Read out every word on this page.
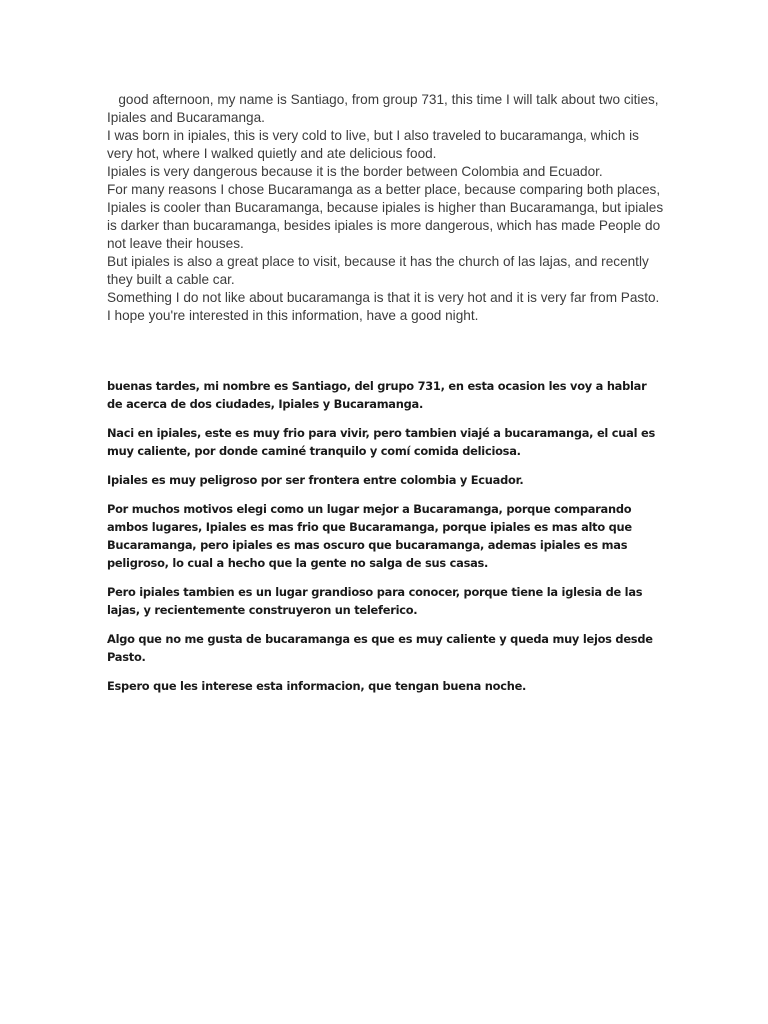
good afternoon, my name is Santiago, from group 731, this time I will talk about two cities, Ipiales and Bucaramanga.

I was born in ipiales, this is very cold to live, but I also traveled to bucaramanga, which is very hot, where I walked quietly and ate delicious food.

Ipiales is very dangerous because it is the border between Colombia and Ecuador.

For many reasons I chose Bucaramanga as a better place, because comparing both places, Ipiales is cooler than Bucaramanga, because ipiales is higher than Bucaramanga, but ipiales is darker than bucaramanga, besides ipiales is more dangerous, which has made People do not leave their houses.

But ipiales is also a great place to visit, because it has the church of las lajas, and recently they built a cable car.

Something I do not like about bucaramanga is that it is very hot and it is very far from Pasto.

I hope you're interested in this information, have a good night.

buenas tardes, mi nombre es Santiago, del grupo 731, en esta ocasion les voy a hablar de acerca de dos ciudades, Ipiales y Bucaramanga.

Naci en ipiales, este es muy frio para vivir, pero tambien viajé a bucaramanga, el cual es muy caliente, por donde caminé tranquilo y comí comida deliciosa.

Ipiales es muy peligroso por ser frontera entre colombia y Ecuador.

Por muchos motivos elegi como un lugar mejor a Bucaramanga, porque comparando ambos lugares, Ipiales es mas frio que Bucaramanga, porque ipiales es mas alto que Bucaramanga, pero ipiales es mas oscuro que bucaramanga, ademas ipiales es mas peligroso, lo cual a hecho que la gente no salga de sus casas.

Pero ipiales tambien es un lugar grandioso para conocer, porque tiene la iglesia de las lajas, y recientemente construyeron un teleferico.

Algo que no me gusta de bucaramanga es que es muy caliente y queda muy lejos desde Pasto.

Espero que les interese esta informacion, que tengan buena noche.
